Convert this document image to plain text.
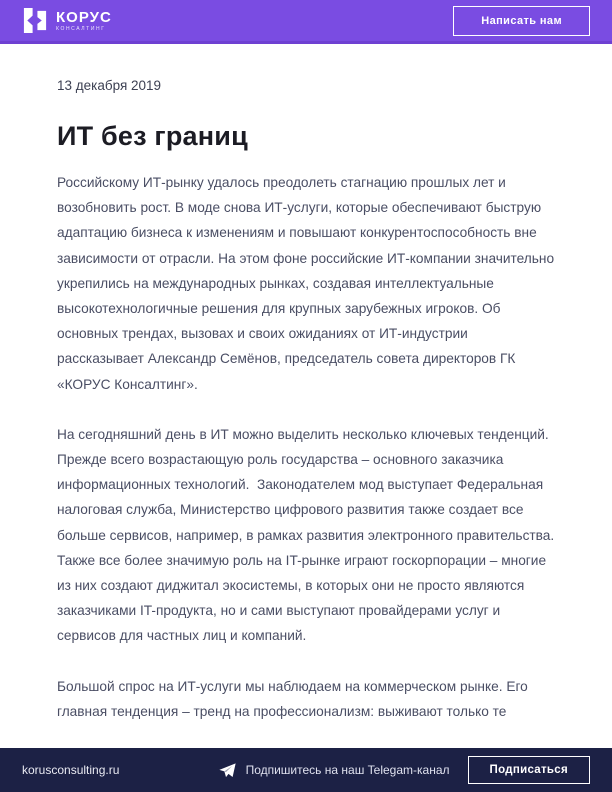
КОРУС
КОНСАЛТИНГ
Написать нам
13 декабря 2019
ИТ без границ

Российскому ИТ-рынку удалось преодолеть стагнацию прошлых лет и возобновить рост. В моде снова ИТ-услуги, которые обеспечивают быструю адаптацию бизнеса к изменениям и повышают конкурентоспособность вне зависимости от отрасли. На этом фоне российские ИТ-компании значительно укрепились на международных рынках, создавая интеллектуальные высокотехнологичные решения для крупных зарубежных игроков. Об основных трендах, вызовах и своих ожиданиях от ИТ-индустрии рассказывает Александр Семёнов, председатель совета директоров ГК «КОРУС Консалтинг».

На сегодняшний день в ИТ можно выделить несколько ключевых тенденций. Прежде всего возрастающую роль государства – основного заказчика информационных технологий.  Законодателем мод выступает Федеральная налоговая служба, Министерство цифрового развития также создает все больше сервисов, например, в рамках развития электронного правительства. Также все более значимую роль на IT-рынке играют госкорпорации – многие из них создают диджитал экосистемы, в которых они не просто являются заказчиками IT-продукта, но и сами выступают провайдерами услуг и сервисов для частных лиц и компаний.

Большой спрос на ИТ-услуги мы наблюдаем на коммерческом рынке. Его главная тенденция – тренд на профессионализм: выживают только те

korusconsulting.ru	Подпишитесь на наш Telegam-канал	Подписаться
